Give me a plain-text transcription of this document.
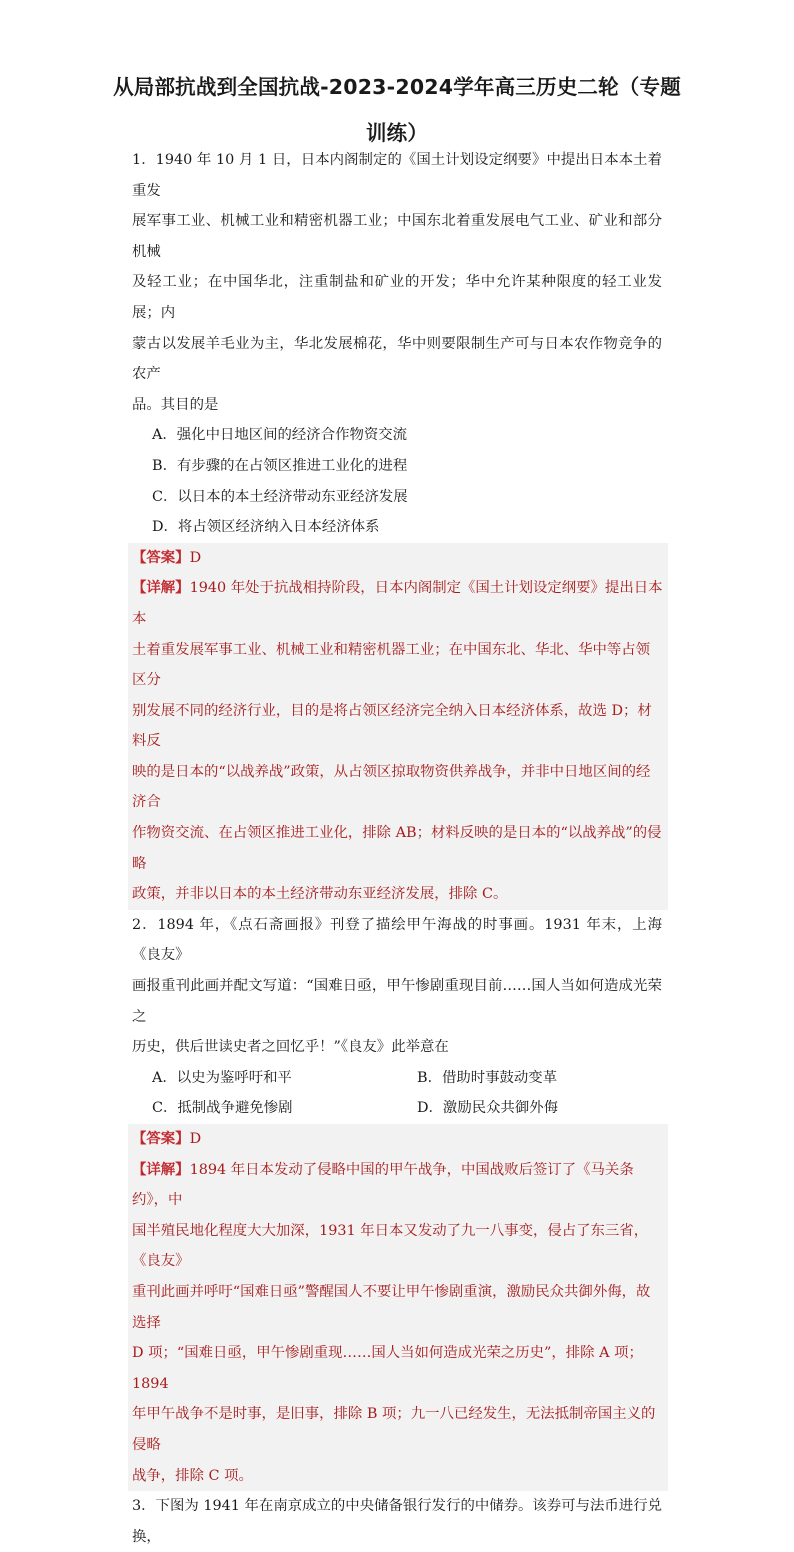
从局部抗战到全国抗战-2023-2024学年高三历史二轮（专题
训练）
1．1940 年 10 月 1 日，日本内阁制定的《国土计划设定纲要》中提出日本本土着重发
展军事工业、机械工业和精密机器工业；中国东北着重发展电气工业、矿业和部分机械
及轻工业；在中国华北，注重制盐和矿业的开发；华中允许某种限度的轻工业发展；内
蒙古以发展羊毛业为主，华北发展棉花，华中则要限制生产可与日本农作物竞争的农产
品。其目的是
A．强化中日地区间的经济合作物资交流
B．有步骤的在占领区推进工业化的进程
C．以日本的本土经济带动东亚经济发展
D．将占领区经济纳入日本经济体系
【答案】D
【详解】1940 年处于抗战相持阶段，日本内阁制定《国土计划设定纲要》提出日本本
土着重发展军事工业、机械工业和精密机器工业；在中国东北、华北、华中等占领区分
别发展不同的经济行业，目的是将占领区经济完全纳入日本经济体系，故选 D；材料反
映的是日本的“以战养战”政策，从占领区掠取物资供养战争，并非中日地区间的经济合
作物资交流、在占领区推进工业化，排除 AB；材料反映的是日本的“以战养战”的侵略
政策，并非以日本的本土经济带动东亚经济发展，排除 C。
2．1894 年，《点石斋画报》刊登了描绘甲午海战的时事画。1931 年末，上海《良友》
画报重刊此画并配文写道：“国难日亟，甲午惨剧重现目前……国人当如何造成光荣之
历史，供后世读史者之回忆乎！”《良友》此举意在
A．以史为鉴呼吁和平	B．借助时事鼓动变革
C．抵制战争避免惨剧	D．激励民众共御外侮
【答案】D
【详解】1894 年日本发动了侵略中国的甲午战争，中国战败后签订了《马关条约》，中
国半殖民地化程度大大加深，1931 年日本又发动了九一八事变，侵占了东三省，《良友》
重刊此画并呼吁“国难日亟”警醒国人不要让甲午惨剧重演，激励民众共御外侮，故选择
D 项；“国难日亟，甲午惨剧重现……国人当如何造成光荣之历史”，排除 A 项；1894
年甲午战争不是时事，是旧事，排除 B 项；九一八已经发生，无法抵制帝国主义的侵略
战争，排除 C 项。
3．下图为 1941 年在南京成立的中央储备银行发行的中储券。该券可与法币进行兑换，
